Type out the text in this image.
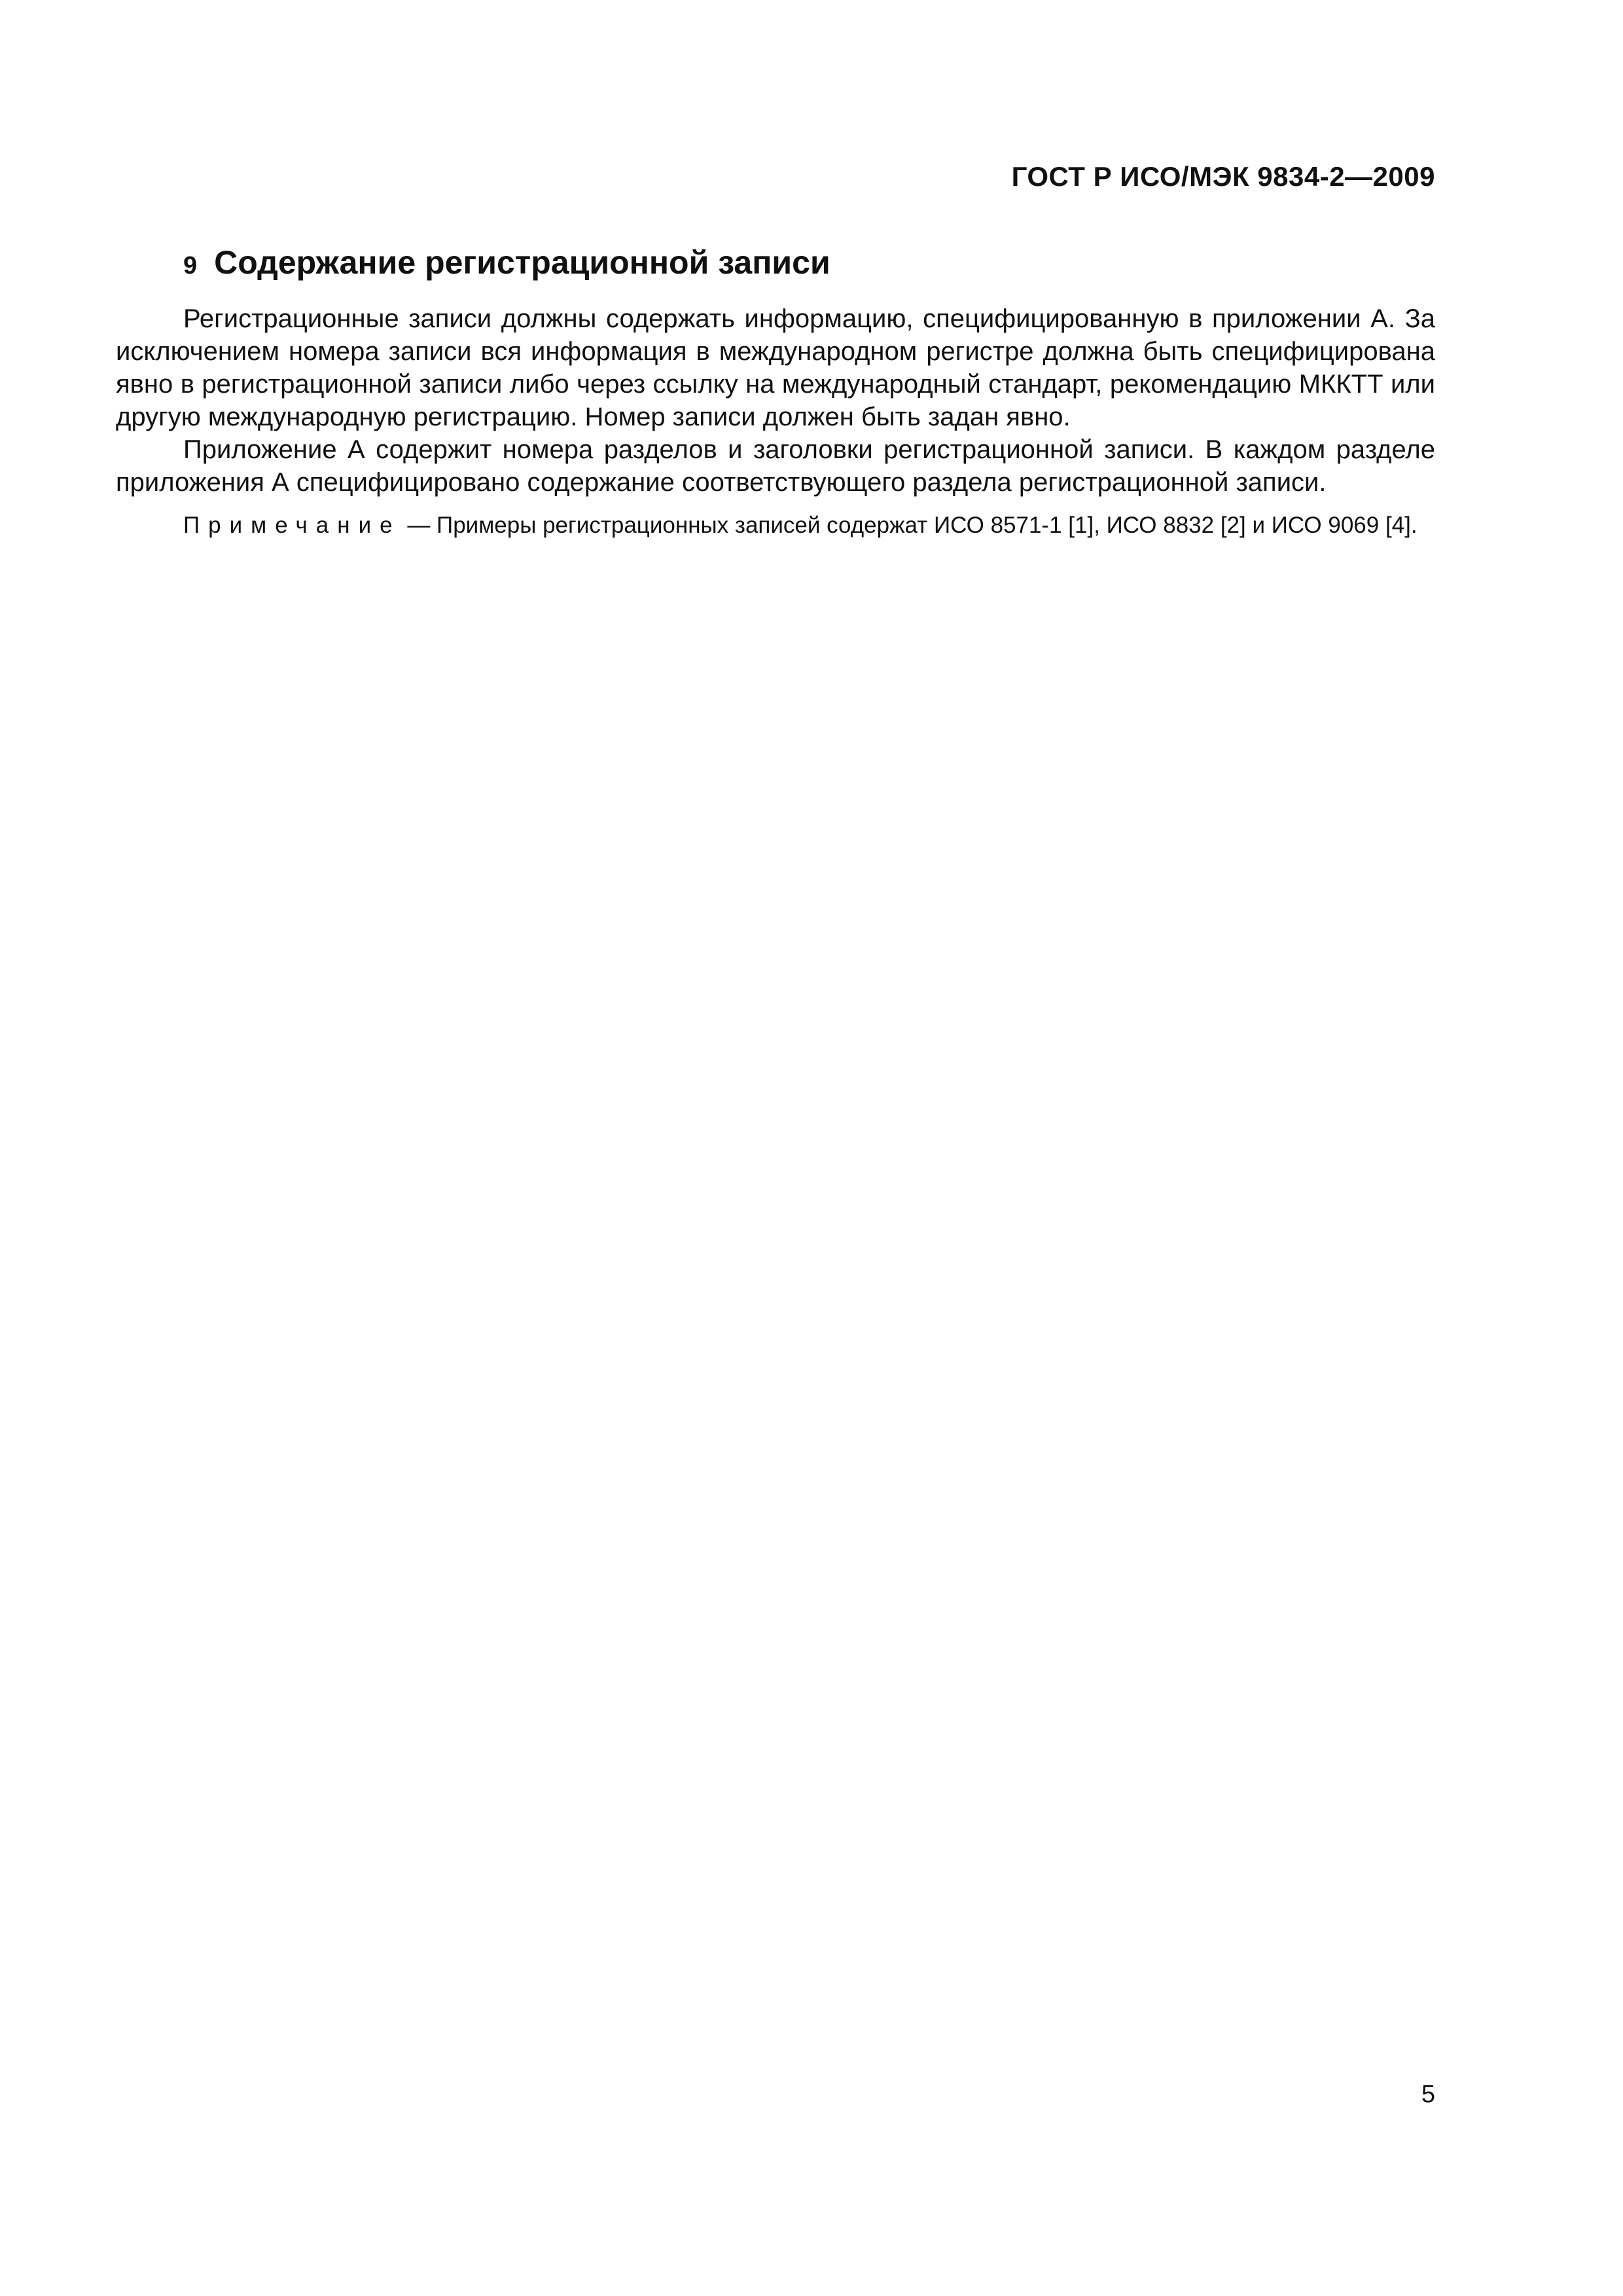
ГОСТ Р ИСО/МЭК 9834-2—2009
9 Содержание регистрационной записи

Регистрационные записи должны содержать информацию, специфицированную в приложении А. За исключением номера записи вся информация в международном регистре должна быть специфицирована явно в регистрационной записи либо через ссылку на международный стандарт, рекомендацию МККТТ или другую международную регистрацию. Номер записи должен быть задан явно.

Приложение А содержит номера разделов и заголовки регистрационной записи. В каждом разделе приложения А специфицировано содержание соответствующего раздела регистрационной записи.

Примечание — Примеры регистрационных записей содержат ИСО 8571-1 [1], ИСО 8832 [2] и ИСО 9069 [4].

5
